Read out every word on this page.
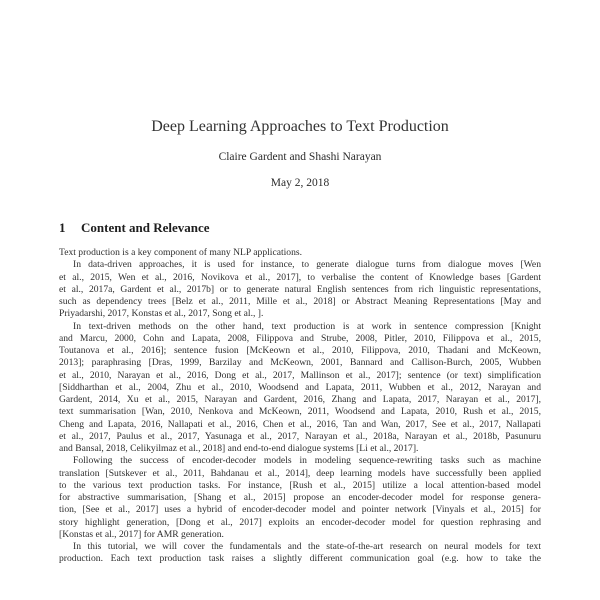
Deep Learning Approaches to Text Production
Claire Gardent and Shashi Narayan
May 2, 2018
1 Content and Relevance
Text production is a key component of many NLP applications.
In data-driven approaches, it is used for instance, to generate dialogue turns from dialogue moves [Wen
et al., 2015, Wen et al., 2016, Novikova et al., 2017], to verbalise the content of Knowledge bases [Gardent
et al., 2017a, Gardent et al., 2017b] or to generate natural English sentences from rich linguistic representations,
such as dependency trees [Belz et al., 2011, Mille et al., 2018] or Abstract Meaning Representations [May and
Priyadarshi, 2017, Konstas et al., 2017, Song et al., ].
In text-driven methods on the other hand, text production is at work in sentence compression [Knight
and Marcu, 2000, Cohn and Lapata, 2008, Filippova and Strube, 2008, Pitler, 2010, Filippova et al., 2015,
Toutanova et al., 2016]; sentence fusion [McKeown et al., 2010, Filippova, 2010, Thadani and McKeown,
2013]; paraphrasing [Dras, 1999, Barzilay and McKeown, 2001, Bannard and Callison-Burch, 2005, Wubben
et al., 2010, Narayan et al., 2016, Dong et al., 2017, Mallinson et al., 2017]; sentence (or text) simplification
[Siddharthan et al., 2004, Zhu et al., 2010, Woodsend and Lapata, 2011, Wubben et al., 2012, Narayan and
Gardent, 2014, Xu et al., 2015, Narayan and Gardent, 2016, Zhang and Lapata, 2017, Narayan et al., 2017],
text summarisation [Wan, 2010, Nenkova and McKeown, 2011, Woodsend and Lapata, 2010, Rush et al., 2015,
Cheng and Lapata, 2016, Nallapati et al., 2016, Chen et al., 2016, Tan and Wan, 2017, See et al., 2017, Nallapati
et al., 2017, Paulus et al., 2017, Yasunaga et al., 2017, Narayan et al., 2018a, Narayan et al., 2018b, Pasunuru
and Bansal, 2018, Celikyilmaz et al., 2018] and end-to-end dialogue systems [Li et al., 2017].
Following the success of encoder-decoder models in modeling sequence-rewriting tasks such as machine
translation [Sutskever et al., 2011, Bahdanau et al., 2014], deep learning models have successfully been applied
to the various text production tasks. For instance, [Rush et al., 2015] utilize a local attention-based model
for abstractive summarisation, [Shang et al., 2015] propose an encoder-decoder model for response genera-
tion, [See et al., 2017] uses a hybrid of encoder-decoder model and pointer network [Vinyals et al., 2015] for
story highlight generation, [Dong et al., 2017] exploits an encoder-decoder model for question rephrasing and
[Konstas et al., 2017] for AMR generation.
In this tutorial, we will cover the fundamentals and the state-of-the-art research on neural models for text
production. Each text production task raises a slightly different communication goal (e.g. how to take the
